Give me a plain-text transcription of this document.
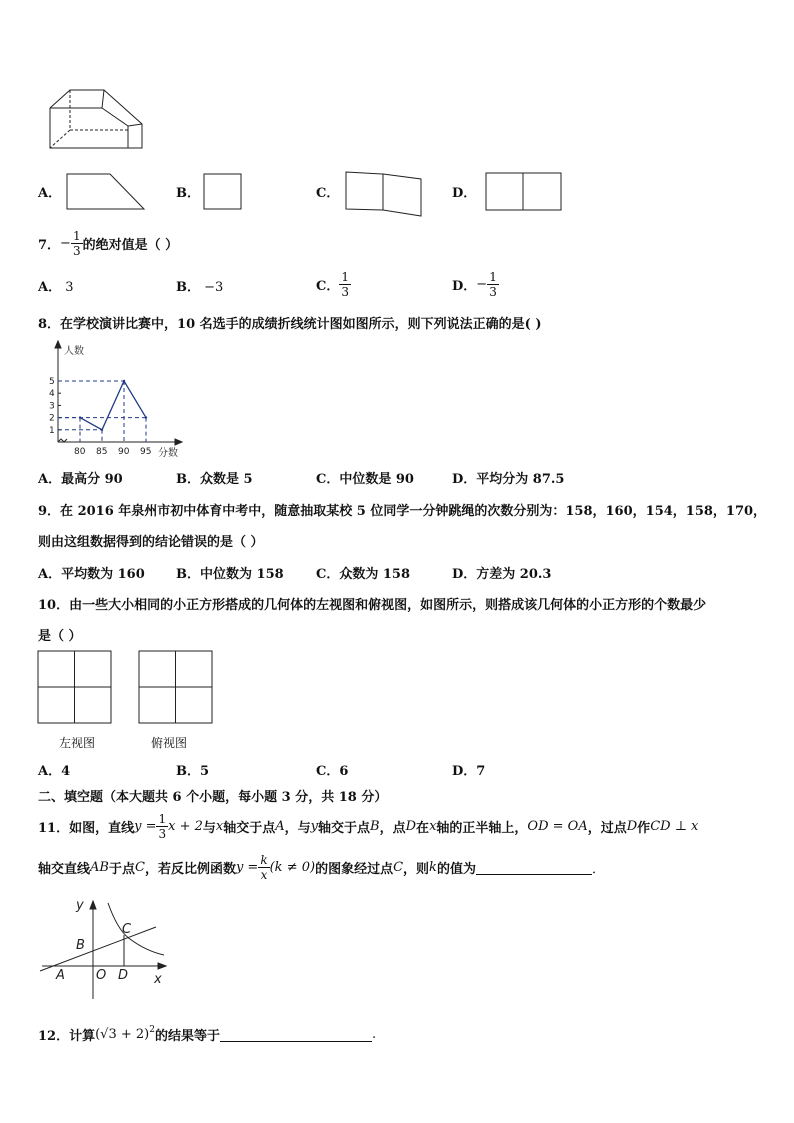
A．	B．	C．	D．
7． − $\frac{1}{3}$ 的绝对值是（ ）
A． 3	B． −3	C． $\frac{1}{3}$	D． − $\frac{1}{3}$
8．在学校演讲比赛中，10 名选手的成绩折线统计图如图所示，则下列说法正确的是( )
人数
分数
1
2
3
4
5
80 85 90 95
A．最高分 90	B．众数是 5	C．中位数是 90	D．平均分为 87.5
9．在 2016 年泉州市初中体育中考中，随意抽取某校 5 位同学一分钟跳绳的次数分别为：158，160，154，158，170，
则由这组数据得到的结论错误的是（ ）
A．平均数为 160 B．中位数为 158 C．众数为 158	D．方差为 20.3
10．由一些大小相同的小正方形搭成的几何体的左视图和俯视图，如图所示，则搭成该几何体的小正方形的个数最少
是（ ）
左视图	俯视图
A．4	B．5	C．6	D．7
二、填空题（本大题共 6 个小题，每小题 3 分，共 18 分）
11．如图，直线 $y = \frac{1}{3}$ x + 2 与 x 轴交于点 A ，与 y 轴交于点 B ，点 D 在 x 轴的正半轴上， OD = OA ，过点 D 作 CD ⊥ x
轴交直线 AB 于点 C ，若反比例函数 $y = \frac{k}{x} (k \ne 0)$ 的图象经过点 C ，则 k 的值为	．
y
x
A
B
C
D
O
12．计算 $(√3 + 2)^2$ 的结果等于	.
